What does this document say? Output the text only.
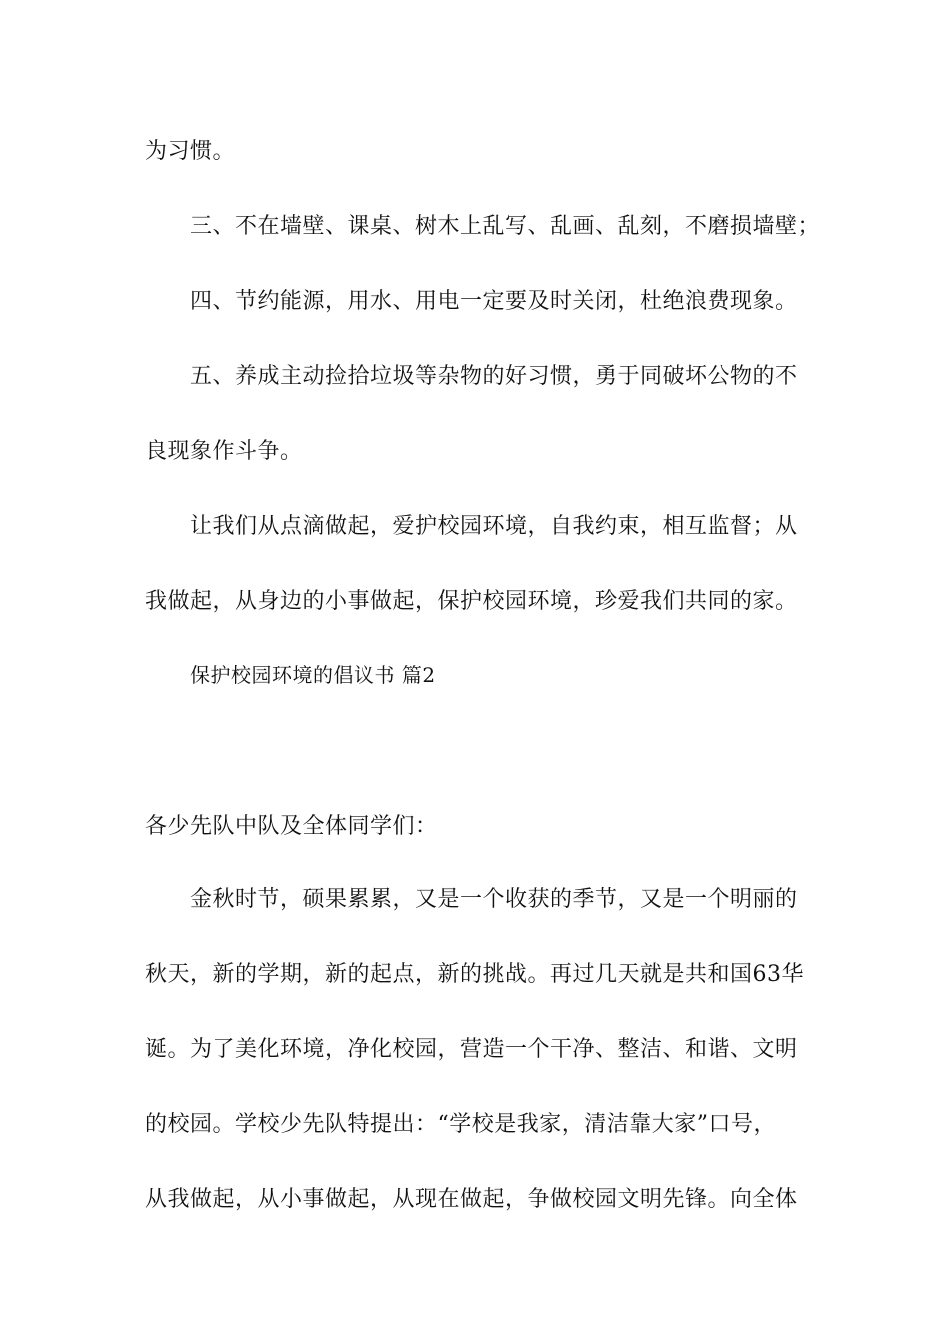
为习惯。
三、不在墙壁、课桌、树木上乱写、乱画、乱刻，不磨损墙壁；
四、节约能源，用水、用电一定要及时关闭，杜绝浪费现象。
五、养成主动捡拾垃圾等杂物的好习惯，勇于同破坏公物的不
良现象作斗争。
让我们从点滴做起，爱护校园环境，自我约束，相互监督；从
我做起，从身边的小事做起，保护校园环境，珍爱我们共同的家。
保护校园环境的倡议书 篇2
各少先队中队及全体同学们：
金秋时节，硕果累累，又是一个收获的季节，又是一个明丽的
秋天，新的学期，新的起点，新的挑战。再过几天就是共和国63华
诞。为了美化环境，净化校园，营造一个干净、整洁、和谐、文明
的校园。学校少先队特提出：“学校是我家，清洁靠大家”口号，
从我做起，从小事做起，从现在做起，争做校园文明先锋。向全体
